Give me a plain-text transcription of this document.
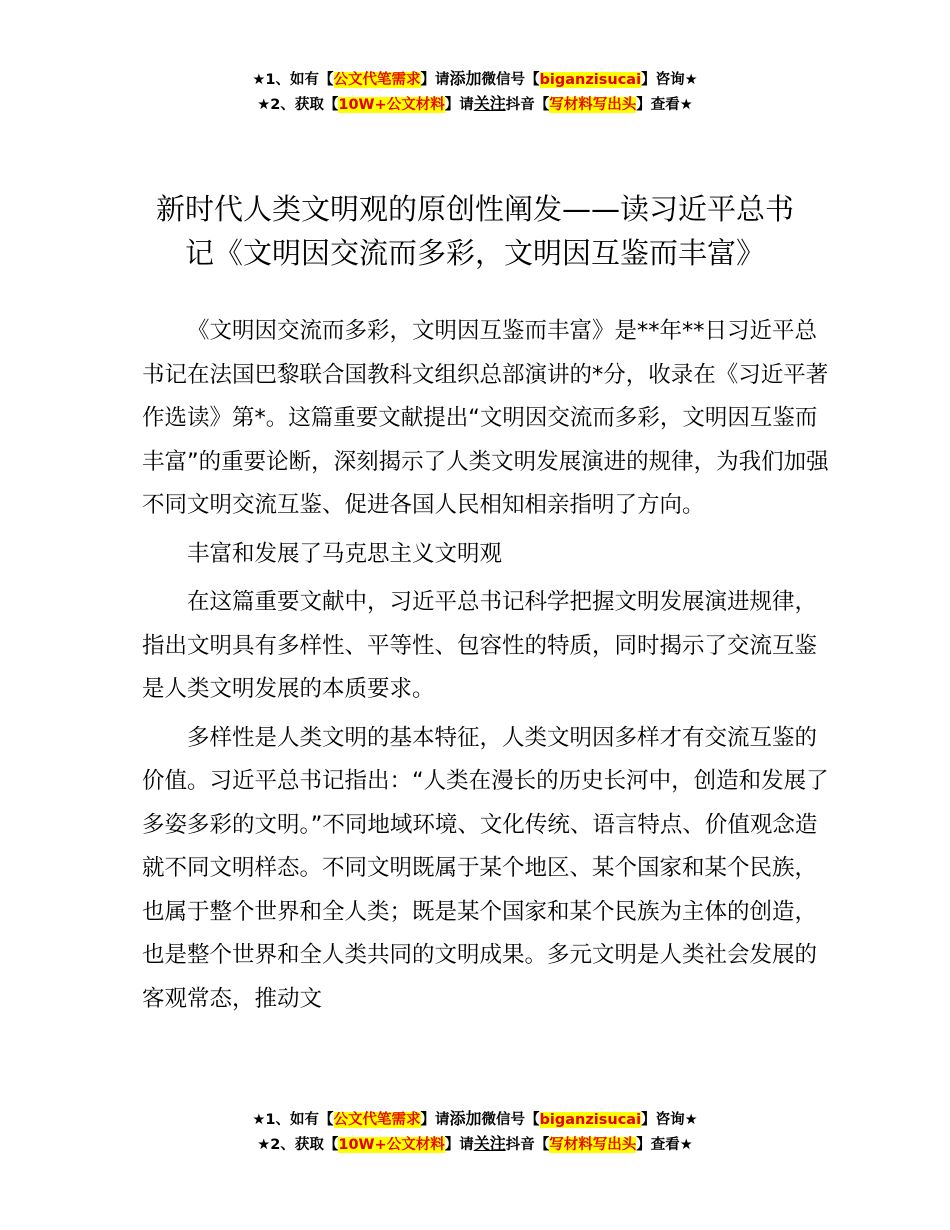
★1、如有【公文代笔需求】请添加微信号【biganzisucai】咨询★
★2、获取【10W+公文材料】请关注抖音【写材料写出头】查看★
新时代人类文明观的原创性阐发——读习近平总书记《文明因交流而多彩，文明因互鉴而丰富》

《文明因交流而多彩，文明因互鉴而丰富》是**年**日习近平总书记在法国巴黎联合国教科文组织总部演讲的*分，收录在《习近平著作选读》第*。这篇重要文献提出“文明因交流而多彩，文明因互鉴而丰富”的重要论断，深刻揭示了人类文明发展演进的规律，为我们加强不同文明交流互鉴、促进各国人民相知相亲指明了方向。

丰富和发展了马克思主义文明观

在这篇重要文献中，习近平总书记科学把握文明发展演进规律，指出文明具有多样性、平等性、包容性的特质，同时揭示了交流互鉴是人类文明发展的本质要求。

多样性是人类文明的基本特征，人类文明因多样才有交流互鉴的价值。习近平总书记指出：“人类在漫长的历史长河中，创造和发展了多姿多彩的文明。”不同地域环境、文化传统、语言特点、价值观念造就不同文明样态。不同文明既属于某个地区、某个国家和某个民族，也属于整个世界和全人类；既是某个国家和某个民族为主体的创造，也是整个世界和全人类共同的文明成果。多元文明是人类社会发展的客观常态，推动文

★1、如有【公文代笔需求】请添加微信号【biganzisucai】咨询★
★2、获取【10W+公文材料】请关注抖音【写材料写出头】查看★
